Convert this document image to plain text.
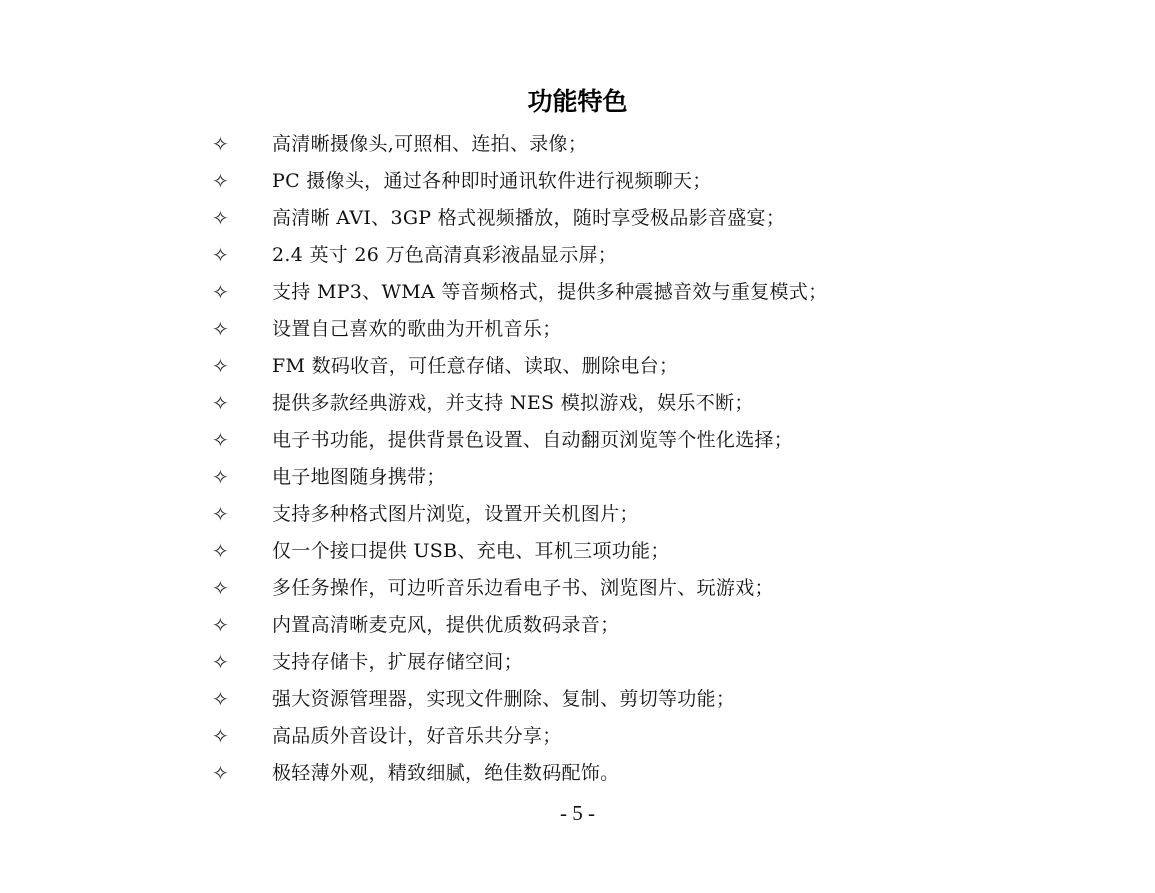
功能特色
✧	高清晰摄像头,可照相、连拍、录像；
✧	PC 摄像头，通过各种即时通讯软件进行视频聊天；
✧	高清晰 AVI、3GP 格式视频播放，随时享受极品影音盛宴；
✧	2.4 英寸 26 万色高清真彩液晶显示屏；
✧	支持 MP3、WMA 等音频格式，提供多种震撼音效与重复模式；
✧	设置自己喜欢的歌曲为开机音乐；
✧	FM 数码收音，可任意存储、读取、删除电台；
✧	提供多款经典游戏，并支持 NES 模拟游戏，娱乐不断；
✧	电子书功能，提供背景色设置、自动翻页浏览等个性化选择；
✧	电子地图随身携带；
✧	支持多种格式图片浏览，设置开关机图片；
✧	仅一个接口提供 USB、充电、耳机三项功能；
✧	多任务操作，可边听音乐边看电子书、浏览图片、玩游戏；
✧	内置高清晰麦克风，提供优质数码录音；
✧	支持存储卡，扩展存储空间；
✧	强大资源管理器，实现文件删除、复制、剪切等功能；
✧	高品质外音设计，好音乐共分享；
✧	极轻薄外观，精致细腻，绝佳数码配饰。
- 5 -
